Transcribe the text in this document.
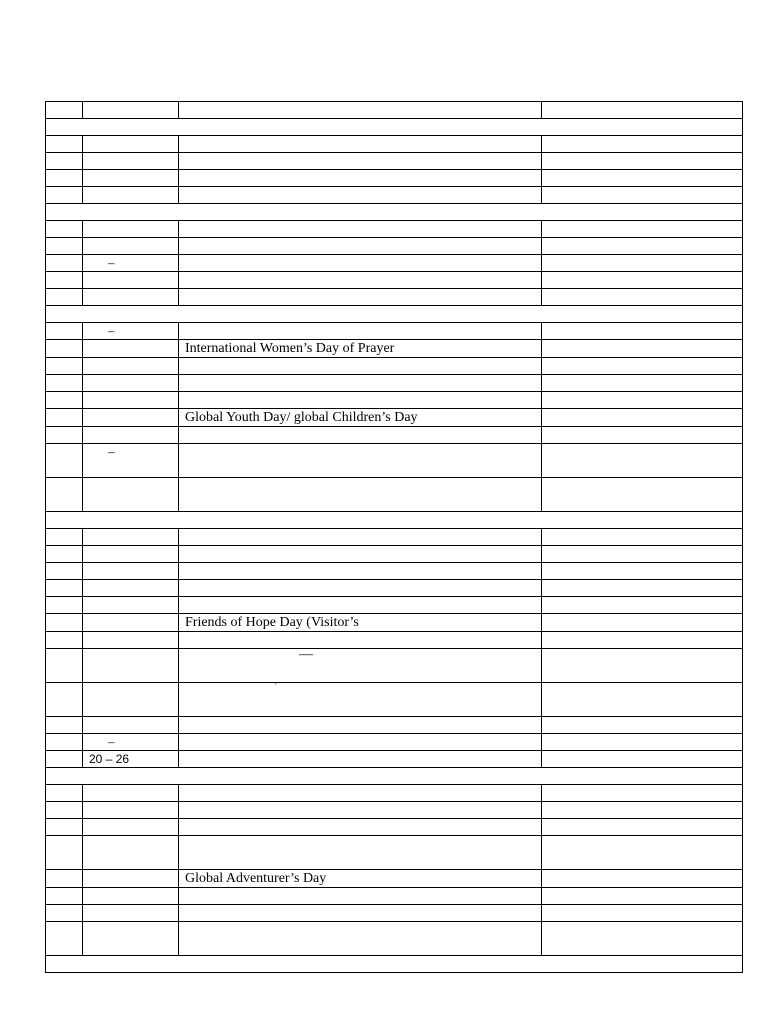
	–		

	–		

		International Women’s Day of Prayer	

		Global Youth Day/ global Children’s Day	

	–		

		Friends of Hope Day (Visitor’s	

		—	

		’	

	–		

	20 – 26		

		Global Adventurer’s Day	
